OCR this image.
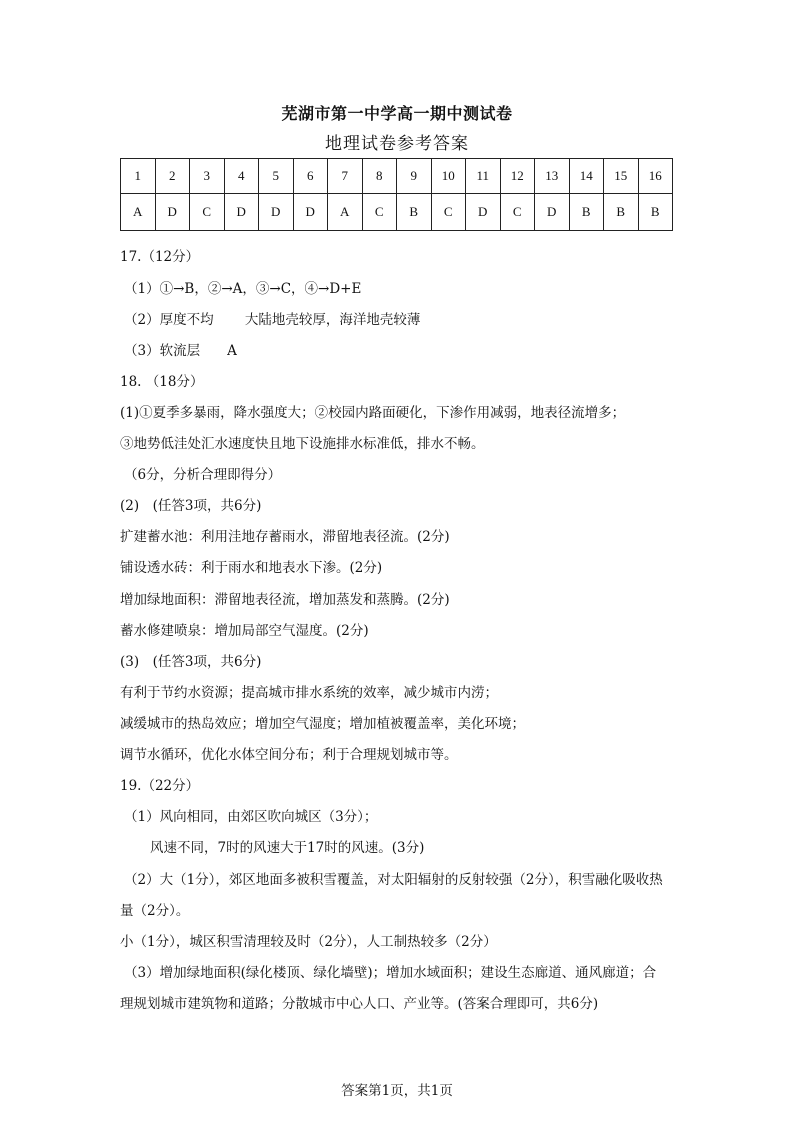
芜湖市第一中学高一期中测试卷
地理试卷参考答案
1	2	3	4	5	6	7	8	9	10	11	12	13	14	15	16
A	D	C	D	D	D	A	C	B	C	D	C	D	B	B	B

17.（12分）

（1）①→B，②→A，③→C，④→D+E

（2）厚度不均　　 大陆地壳较厚，海洋地壳较薄

（3）软流层　　A

18. （18分）

(1)①夏季多暴雨，降水强度大；②校园内路面硬化，下渗作用减弱，地表径流增多；

③地势低洼处汇水速度快且地下设施排水标准低，排水不畅。

（6分，分析合理即得分）

(2)　(任答3项，共6分)

扩建蓄水池：利用洼地存蓄雨水，滞留地表径流。(2分)

铺设透水砖：利于雨水和地表水下渗。(2分)

增加绿地面积：滞留地表径流，增加蒸发和蒸腾。(2分)

蓄水修建喷泉：增加局部空气湿度。(2分)

(3)　(任答3项，共6分)

有利于节约水资源；提高城市排水系统的效率，减少城市内涝；

减缓城市的热岛效应；增加空气湿度；增加植被覆盖率，美化环境；

调节水循环，优化水体空间分布；利于合理规划城市等。

19.（22分）

（1）风向相同，由郊区吹向城区（3分）；

风速不同，7时的风速大于17时的风速。(3分)

（2）大（1分），郊区地面多被积雪覆盖，对太阳辐射的反射较强（2分），积雪融化吸收热

量（2分）。

小（1分），城区积雪清理较及时（2分），人工制热较多（2分）

（3）增加绿地面积(绿化楼顶、绿化墙壁)；增加水域面积；建设生态廊道、通风廊道；合

理规划城市建筑物和道路；分散城市中心人口、产业等。(答案合理即可，共6分)

答案第1页，共1页
